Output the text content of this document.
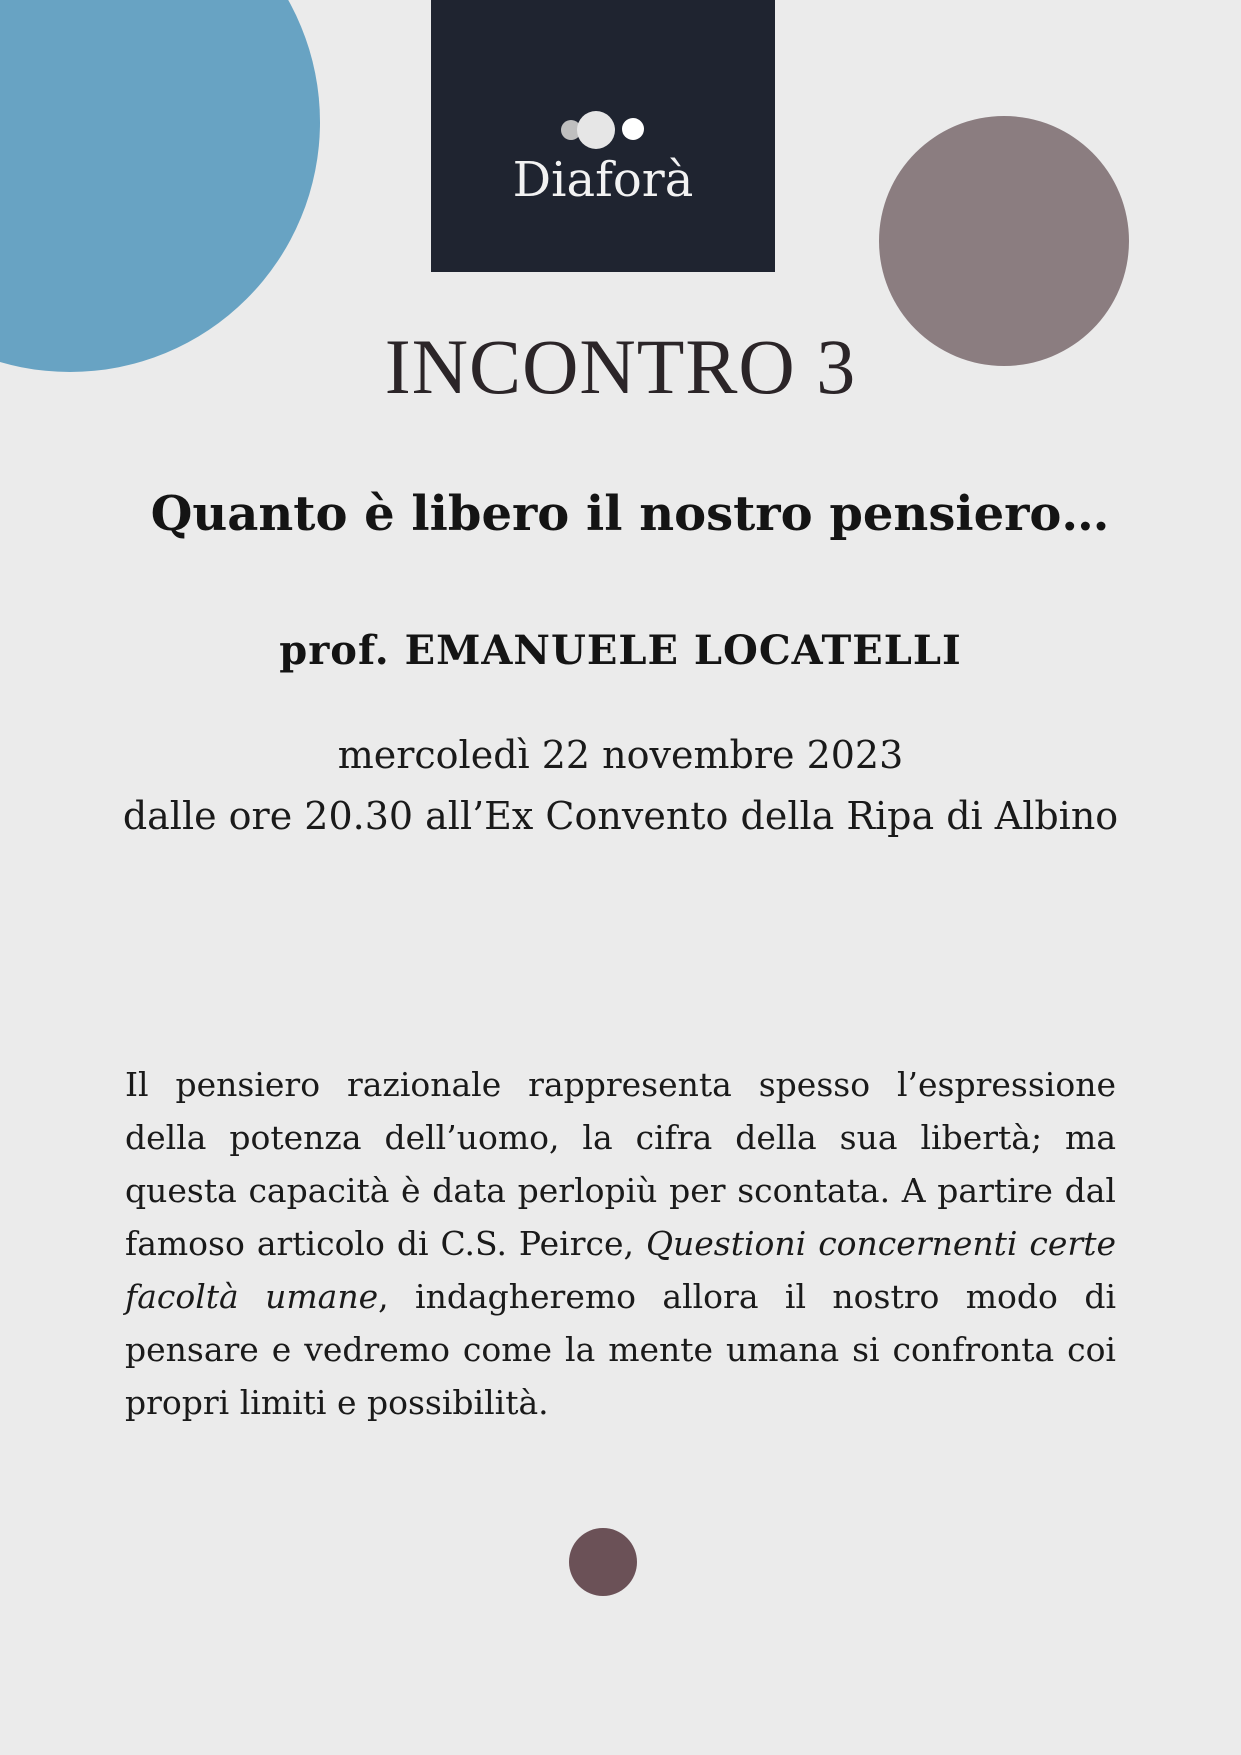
Diaforà
INCONTRO 3
Quanto è libero il nostro pensiero…
prof. EMANUELE LOCATELLI
mercoledì 22 novembre 2023
dalle ore 20.30 all’Ex Convento della Ripa di Albino
Il pensiero razionale rappresenta spesso l’espressione della potenza dell’uomo, la cifra della sua libertà; ma questa capacità è data perlopiù per scontata. A partire dal famoso articolo di C.S. Peirce, Questioni concernenti certe facoltà umane, indagheremo allora il nostro modo di pensare e vedremo come la mente umana si confronta coi propri limiti e possibilità.
